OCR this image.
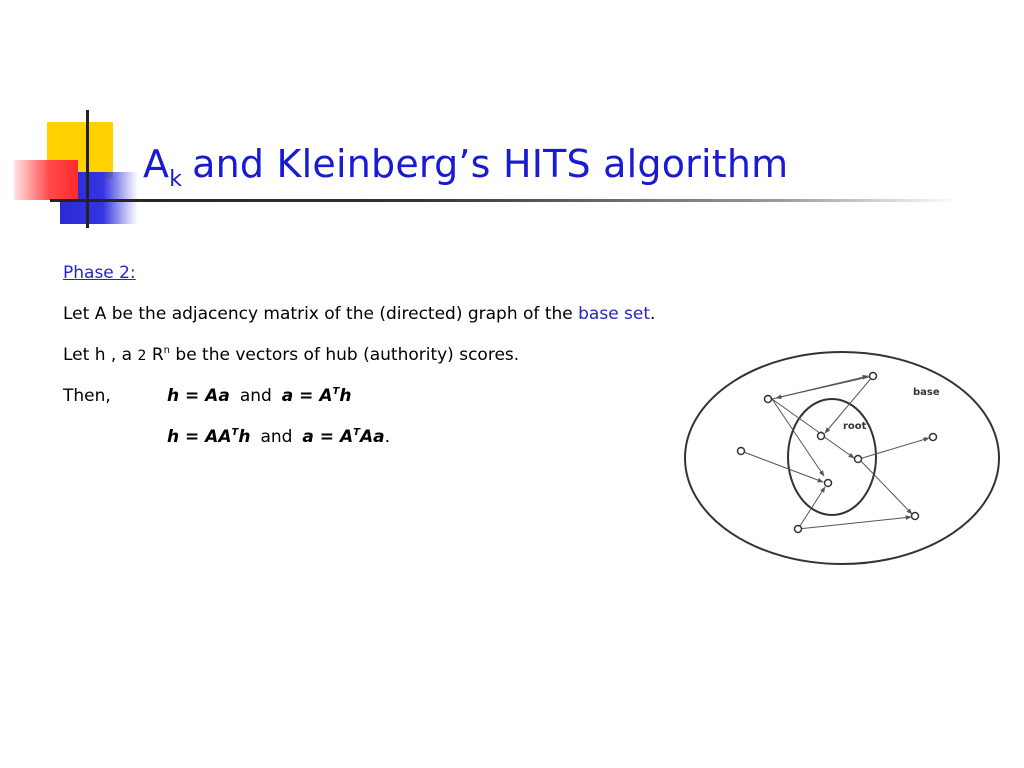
$A_k$ and Kleinberg’s HITS algorithm
Phase 2:
Let A be the adjacency matrix of the (directed) graph of the base set.
Let h , a 2 $R^n$ be the vectors of hub (authority) scores.
Then,	h = Aa and $a = A^Th$
$h = AA^Th$ and $a = A^TAa$.
base
root
